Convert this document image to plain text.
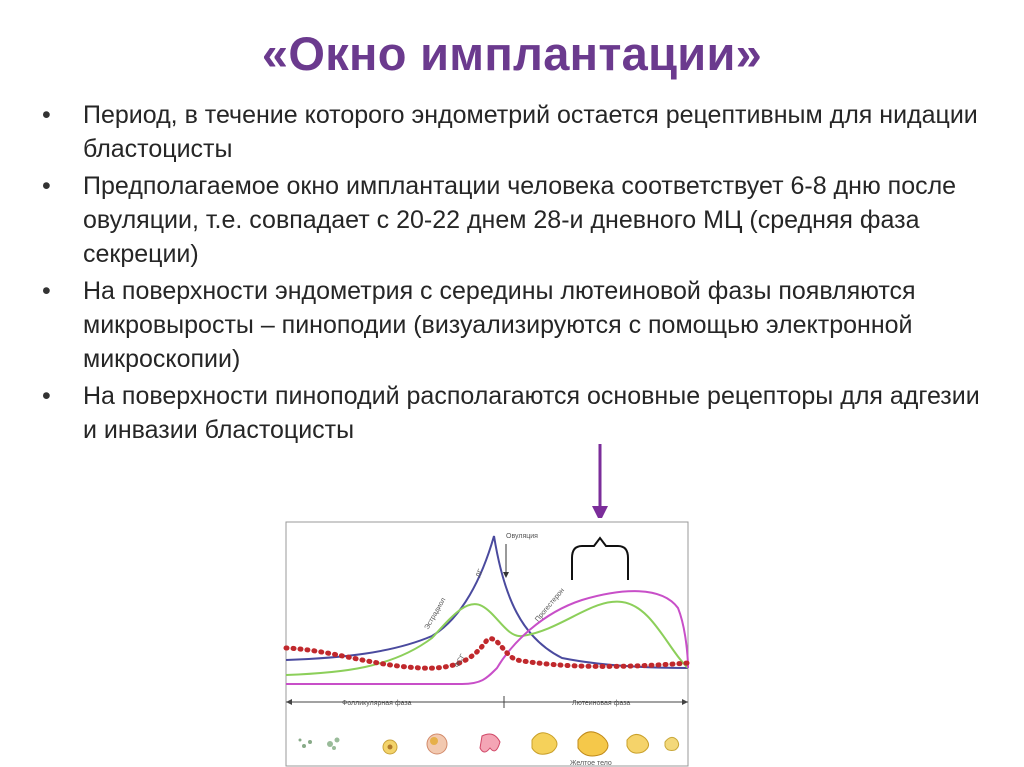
«Окно имплантации»
• Период, в течение которого эндометрий остается рецептивным для нидации бластоцисты
• Предполагаемое окно имплантации человека соответствует 6-8 дню после овуляции, т.е. совпадает с 20-22 днем 28-и дневного МЦ (средняя фаза секреции)
• На поверхности эндометрия с середины лютеиновой фазы появляются микровыросты – пиноподии (визуализируются с помощью электронной микроскопии)
• На поверхности пиноподий располагаются основные рецепторы для адгезии и инвазии бластоцисты
Овуляция
ЛГ
Эстрадиол
ФСГ
Прогестерон
Фолликулярная фаза	Лютеиновая фаза
Желтое тело
